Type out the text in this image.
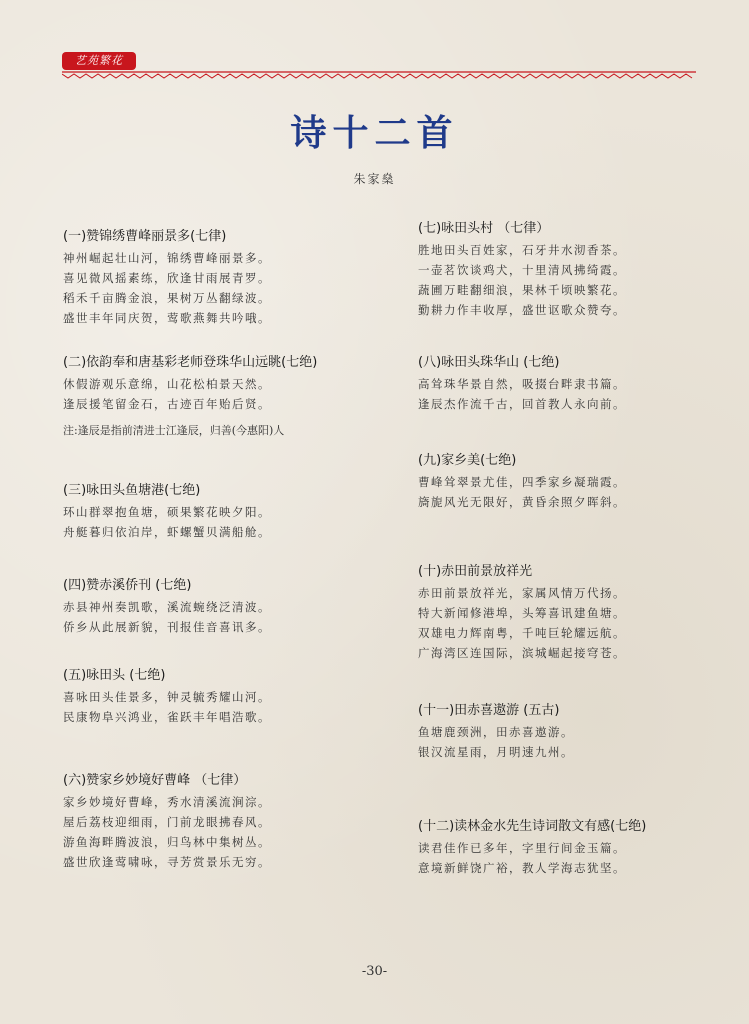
艺苑繁花
诗十二首
朱家燊
(一)赞锦绣曹峰丽景多(七律)
神州崛起壮山河，锦绣曹峰丽景多。
喜见微风摇素练，欣逢甘雨展青罗。
稻禾千亩腾金浪，果树万丛翻绿波。
盛世丰年同庆贺，莺歌燕舞共吟哦。
(二)依韵奉和唐基彩老师登珠华山远眺(七绝)
休假游观乐意绵，山花松柏景天然。
逢辰援笔留金石，古迹百年贻后贤。
注:逢辰是指前清进士江逢辰，归善(今惠阳)人
(三)咏田头鱼塘港(七绝)
环山群翠抱鱼塘，硕果繁花映夕阳。
舟艇暮归依泊岸，虾螺蟹贝满船舱。
(四)赞赤溪侨刊 (七绝)
赤县神州奏凯歌，溪流蜿绕泛清波。
侨乡从此展新貌，刊报佳音喜讯多。
(五)咏田头 (七绝)
喜咏田头佳景多，钟灵毓秀耀山河。
民康物阜兴鸿业，雀跃丰年唱浩歌。
(六)赞家乡妙境好曹峰 （七律）
家乡妙境好曹峰，秀水清溪流涧淙。
屋后荔枝迎细雨，门前龙眼拂春风。
游鱼海畔腾波浪，归鸟林中集树丛。
盛世欣逢莺啸咏，寻芳赏景乐无穷。
(七)咏田头村 （七律）
胜地田头百姓家，石牙井水沏香茶。
一壶茗饮谈鸡犬，十里清风拂绮霞。
蔬圃万畦翻细浪，果林千顷映繁花。
勤耕力作丰收厚，盛世讴歌众赞夸。
(八)咏田头珠华山 (七绝)
高耸珠华景自然，吸掇台畔隶书篇。
逢辰杰作流千古，回首教人永向前。
(九)家乡美(七绝)
曹峰耸翠景尤佳，四季家乡凝瑞霞。
旖旎风光无限好，黄昏余照夕晖斜。
(十)赤田前景放祥光
赤田前景放祥光，家属风情万代扬。
特大新闻修港埠，头筹喜讯建鱼塘。
双雄电力辉南粤，千吨巨轮耀远航。
广海湾区连国际，滨城崛起接穹苍。
(十一)田赤喜遨游 (五古)
鱼塘鹿颈洲，田赤喜遨游。
银汉流星雨，月明速九州。
(十二)读林金水先生诗词散文有感(七绝)
读君佳作已多年，字里行间金玉篇。
意境新鲜饶广裕，教人学海志犹坚。
-30-
